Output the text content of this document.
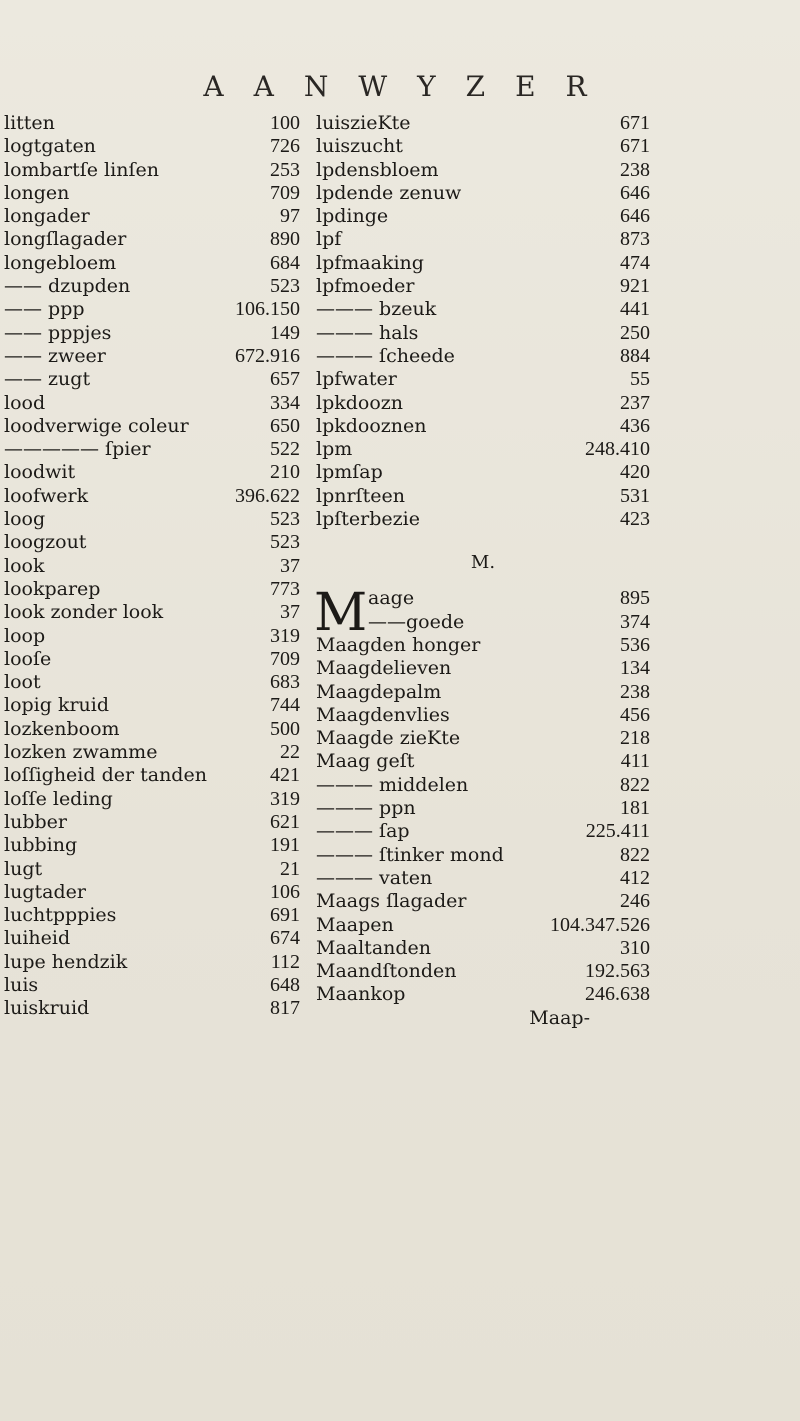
AANWYZER
litten	100
logtgaten	726
lombartſe linſen	253
longen	709
longader	97
longſlagader	890
longebloem	684
—— dzupden	523
—— ppp	106.150
—— pppjes	149
—— zweer	672.916
—— zugt	657
lood	334
loodverwige coleur	650
————— ſpier	522
loodwit	210
loofwerk	396.622
loog	523
loogzout	523
look	37
lookparep	773
look zonder look	37
loop	319
looſe	709
loot	683
lopig kruid	744
lozkenboom	500
lozken zwamme	22
loſſigheid der tanden	421
loſſe leding	319
lubber	621
lubbing	191
lugt	21
lugtader	106
luchtpppies	691
luiheid	674
lupe hendzik	112
luis	648
luiskruid	817
luiszieKte	671
luiszucht	671
lpdensbloem	238
lpdende zenuw	646
lpdinge	646
lpf	873
lpfmaaking	474
lpfmoeder	921
——— bzeuk	441
——— hals	250
——— ſcheede	884
lpfwater	55
lpkdoozn	237
lpkdooznen	436
lpm	248.410
lpmſap	420
lpnrſteen	531
lpſterbezie	423
M.
M aage	895
——goede	374
Maagden honger	536
Maagdelieven	134
Maagdepalm	238
Maagdenvlies	456
Maagde zieKte	218
Maag geſt	411
——— middelen	822
——— ppn	181
——— ſap	225.411
——— ſtinker mond	822
——— vaten	412
Maags ſlagader	246
Maapen	104.347.526
Maaltanden	310
Maandſtonden	192.563
Maankop	246.638
Maap-
